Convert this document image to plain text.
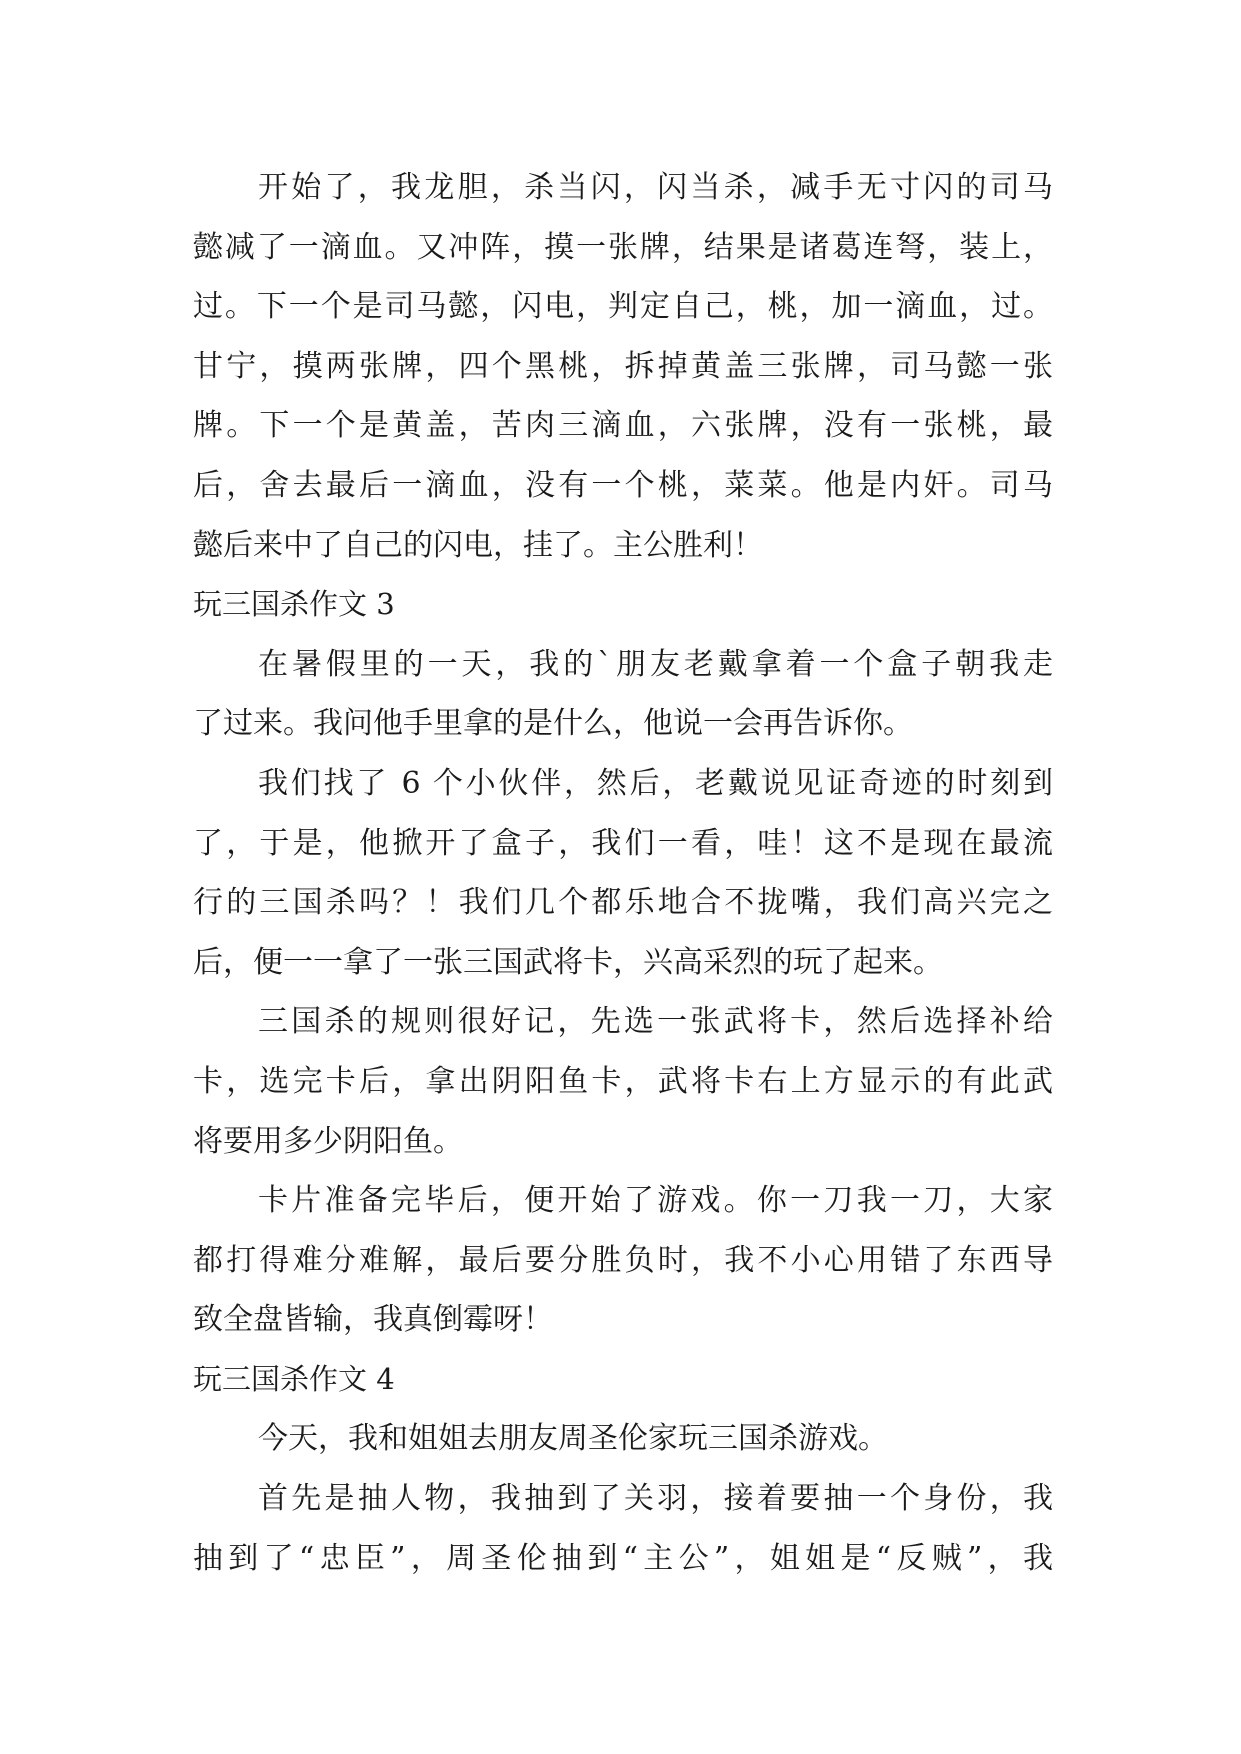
开始了，我龙胆，杀当闪，闪当杀，减手无寸闪的司马
懿减了一滴血。又冲阵，摸一张牌，结果是诸葛连弩，装上，
过。下一个是司马懿，闪电，判定自己，桃，加一滴血，过。
甘宁，摸两张牌，四个黑桃，拆掉黄盖三张牌，司马懿一张
牌。下一个是黄盖，苦肉三滴血，六张牌，没有一张桃，最
后，舍去最后一滴血，没有一个桃，菜菜。他是内奸。司马
懿后来中了自己的闪电，挂了。主公胜利！
玩三国杀作文 3
在暑假里的一天，我的`朋友老戴拿着一个盒子朝我走
了过来。我问他手里拿的是什么，他说一会再告诉你。
我们找了 6 个小伙伴，然后，老戴说见证奇迹的时刻到
了，于是，他掀开了盒子，我们一看，哇！这不是现在最流
行的三国杀吗？！我们几个都乐地合不拢嘴，我们高兴完之
后，便一一拿了一张三国武将卡，兴高采烈的玩了起来。
三国杀的规则很好记，先选一张武将卡，然后选择补给
卡，选完卡后，拿出阴阳鱼卡，武将卡右上方显示的有此武
将要用多少阴阳鱼。
卡片准备完毕后，便开始了游戏。你一刀我一刀，大家
都打得难分难解，最后要分胜负时，我不小心用错了东西导
致全盘皆输，我真倒霉呀！
玩三国杀作文 4
今天，我和姐姐去朋友周圣伦家玩三国杀游戏。
首先是抽人物，我抽到了关羽，接着要抽一个身份，我
抽到了“忠臣”，周圣伦抽到“主公”，姐姐是“反贼”，我
